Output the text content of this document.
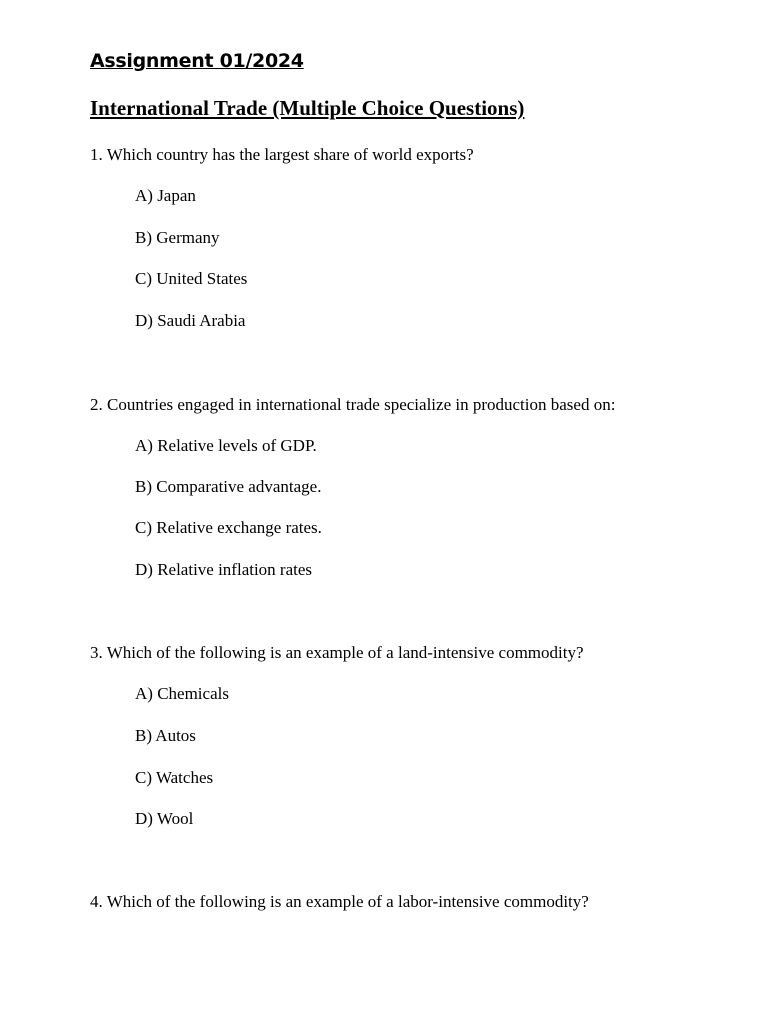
Assignment 01/2024
International Trade (Multiple Choice Questions)

1. Which country has the largest share of world exports?

A) Japan

B) Germany

C) United States

D) Saudi Arabia

2. Countries engaged in international trade specialize in production based on:

A) Relative levels of GDP.

B) Comparative advantage.

C) Relative exchange rates.

D) Relative inflation rates

3. Which of the following is an example of a land-intensive commodity?

A) Chemicals

B) Autos

C) Watches

D) Wool

4. Which of the following is an example of a labor-intensive commodity?
